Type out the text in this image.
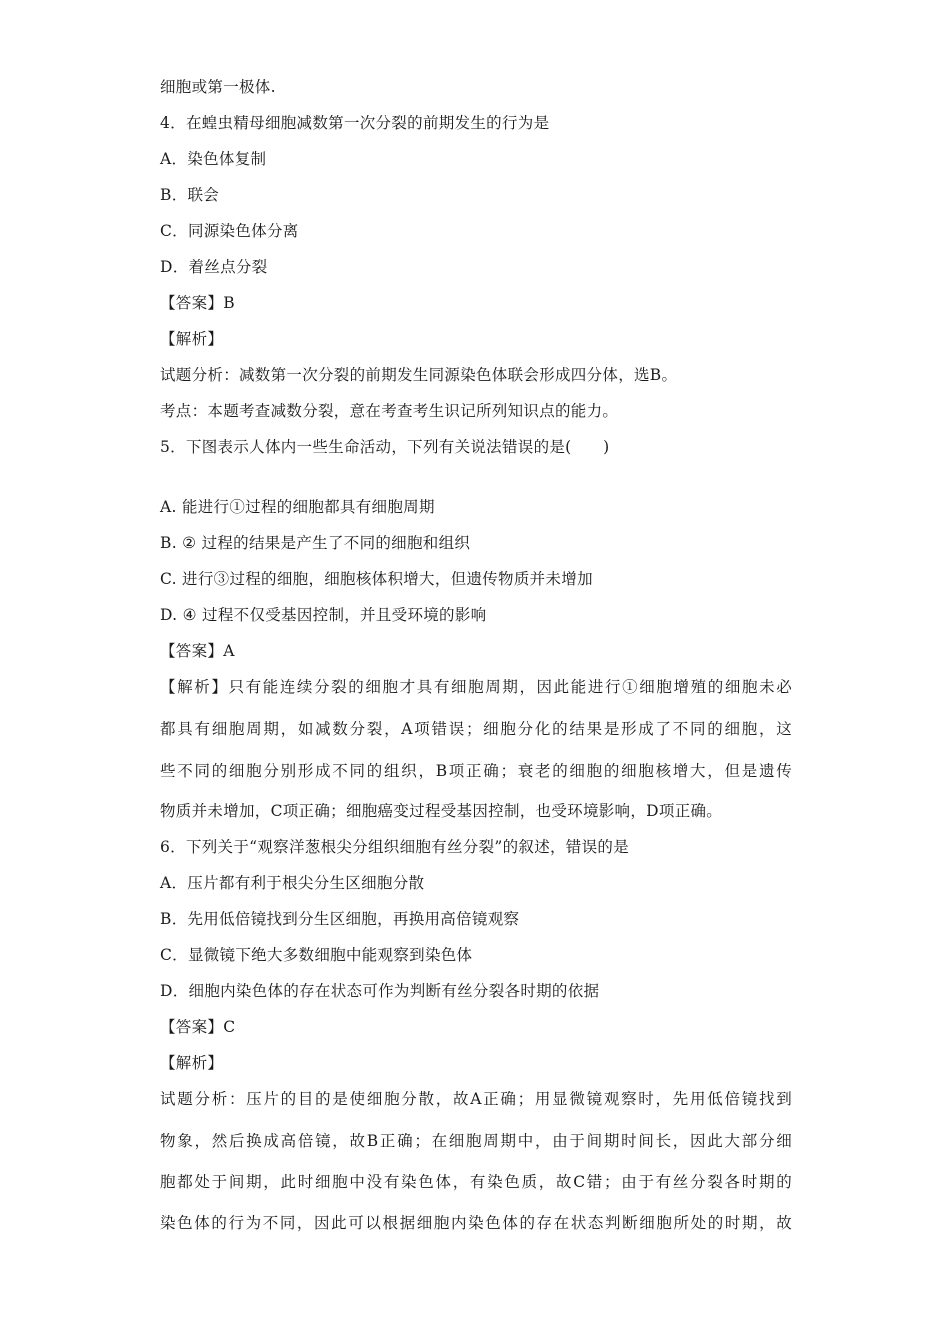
细胞或第一极体.
4．在蝗虫精母细胞减数第一次分裂的前期发生的行为是
A．染色体复制
B．联会
C．同源染色体分离
D．着丝点分裂
【答案】B
【解析】
试题分析：减数第一次分裂的前期发生同源染色体联会形成四分体，选B。
考点：本题考查减数分裂，意在考查考生识记所列知识点的能力。
5．下图表示人体内一些生命活动，下列有关说法错误的是(　　)
A. 能进行①过程的细胞都具有细胞周期
B. ② 过程的结果是产生了不同的细胞和组织
C. 进行③过程的细胞，细胞核体积增大，但遗传物质并未增加
D. ④ 过程不仅受基因控制，并且受环境的影响
【答案】A
【解析】只有能连续分裂的细胞才具有细胞周期，因此能进行①细胞增殖的细胞未必
都具有细胞周期，如减数分裂，A项错误；细胞分化的结果是形成了不同的细胞，这
些不同的细胞分别形成不同的组织，B项正确；衰老的细胞的细胞核增大，但是遗传
物质并未增加，C项正确；细胞癌变过程受基因控制，也受环境影响，D项正确。
6．下列关于“观察洋葱根尖分组织细胞有丝分裂”的叙述，错误的是
A．压片都有利于根尖分生区细胞分散
B．先用低倍镜找到分生区细胞，再换用高倍镜观察
C．显微镜下绝大多数细胞中能观察到染色体
D．细胞内染色体的存在状态可作为判断有丝分裂各时期的依据
【答案】C
【解析】
试题分析：压片的目的是使细胞分散，故A正确；用显微镜观察时，先用低倍镜找到
物象，然后换成高倍镜，故B正确；在细胞周期中，由于间期时间长，因此大部分细
胞都处于间期，此时细胞中没有染色体，有染色质，故C错；由于有丝分裂各时期的
染色体的行为不同，因此可以根据细胞内染色体的存在状态判断细胞所处的时期，故
